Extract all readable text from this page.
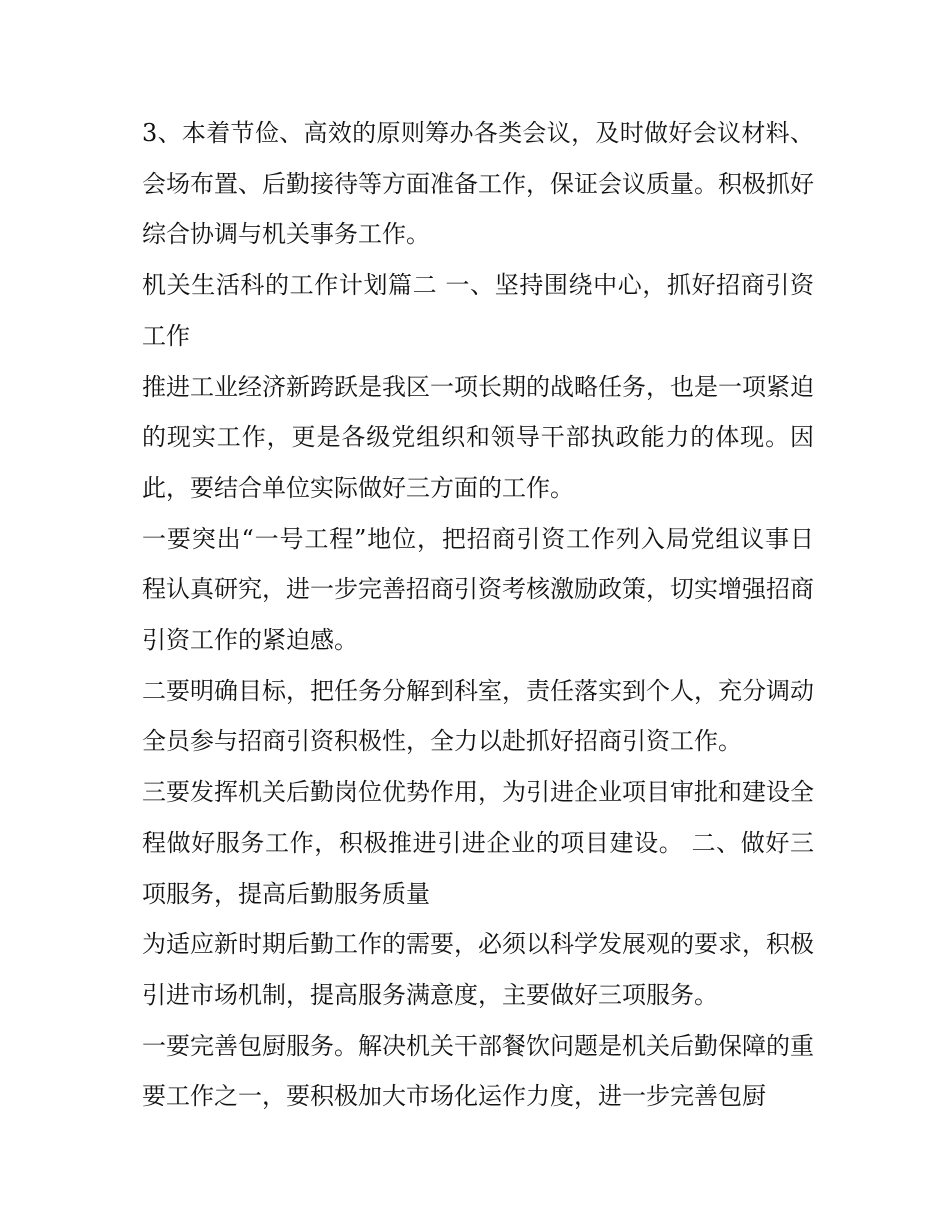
3、本着节俭、高效的原则筹办各类会议，及时做好会议材料、会场布置、后勤接待等方面准备工作，保证会议质量。积极抓好综合协调与机关事务工作。

机关生活科的工作计划篇二 一、坚持围绕中心，抓好招商引资工作

推进工业经济新跨跃是我区一项长期的战略任务，也是一项紧迫的现实工作，更是各级党组织和领导干部执政能力的体现。因此，要结合单位实际做好三方面的工作。

一要突出“一号工程”地位，把招商引资工作列入局党组议事日程认真研究，进一步完善招商引资考核激励政策，切实增强招商引资工作的紧迫感。

二要明确目标，把任务分解到科室，责任落实到个人，充分调动全员参与招商引资积极性，全力以赴抓好招商引资工作。

三要发挥机关后勤岗位优势作用，为引进企业项目审批和建设全程做好服务工作，积极推进引进企业的项目建设。 二、做好三项服务，提高后勤服务质量

为适应新时期后勤工作的需要，必须以科学发展观的要求，积极引进市场机制，提高服务满意度，主要做好三项服务。

一要完善包厨服务。解决机关干部餐饮问题是机关后勤保障的重要工作之一，要积极加大市场化运作力度，进一步完善包厨
